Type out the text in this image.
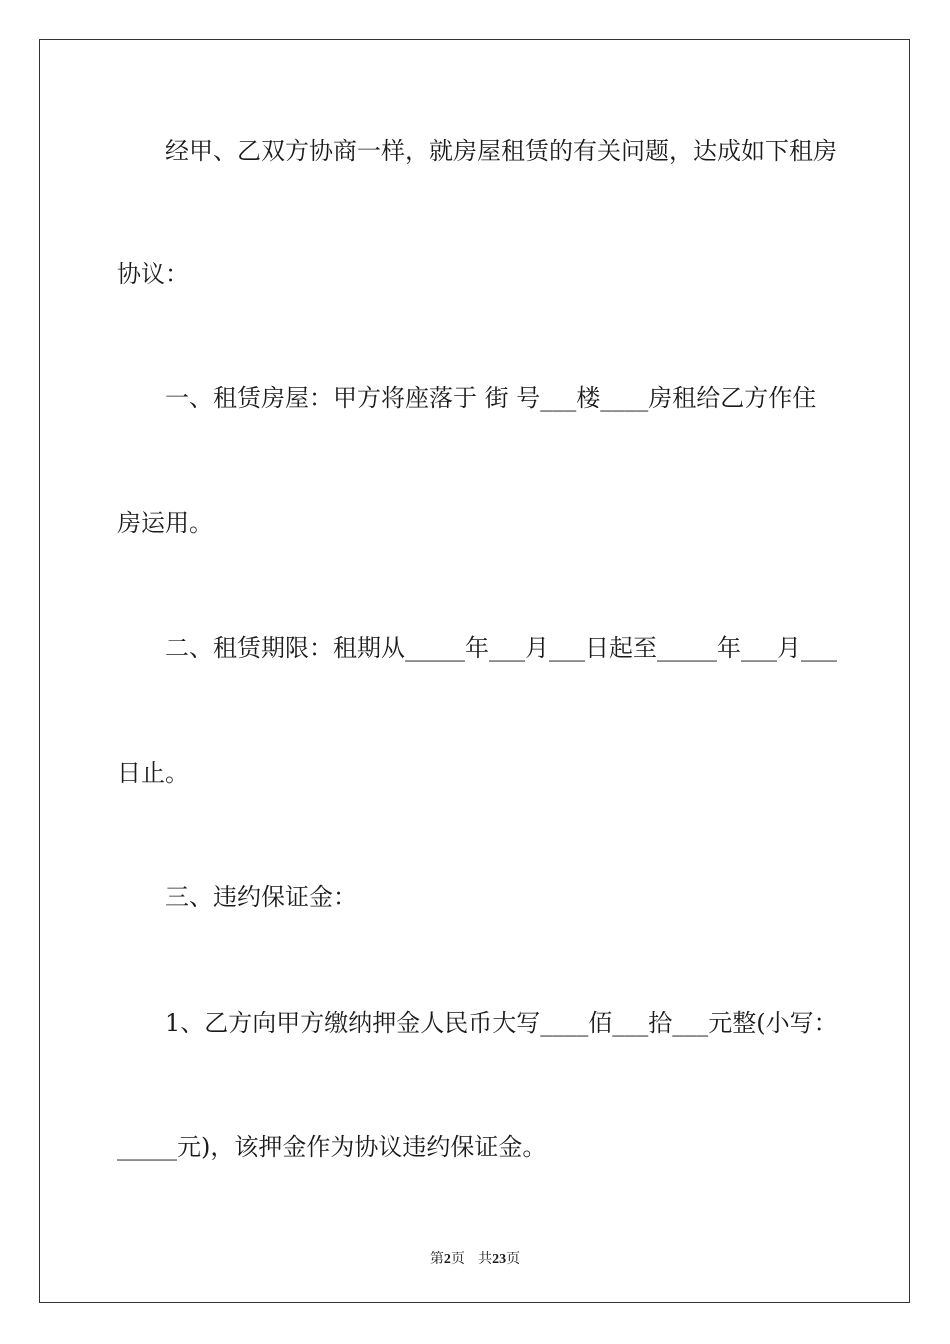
经甲、乙双方协商一样，就房屋租赁的有关问题，达成如下租房

协议：

一、租赁房屋：甲方将座落于 街 号___楼____房租给乙方作住

房运用。

二、租赁期限：租期从_____年___月___日起至_____年___月___

日止。

三、违约保证金：

1、乙方向甲方缴纳押金人民币大写____佰___拾___元整(小写：

_____元)，该押金作为协议违约保证金。

第2页 共23页
